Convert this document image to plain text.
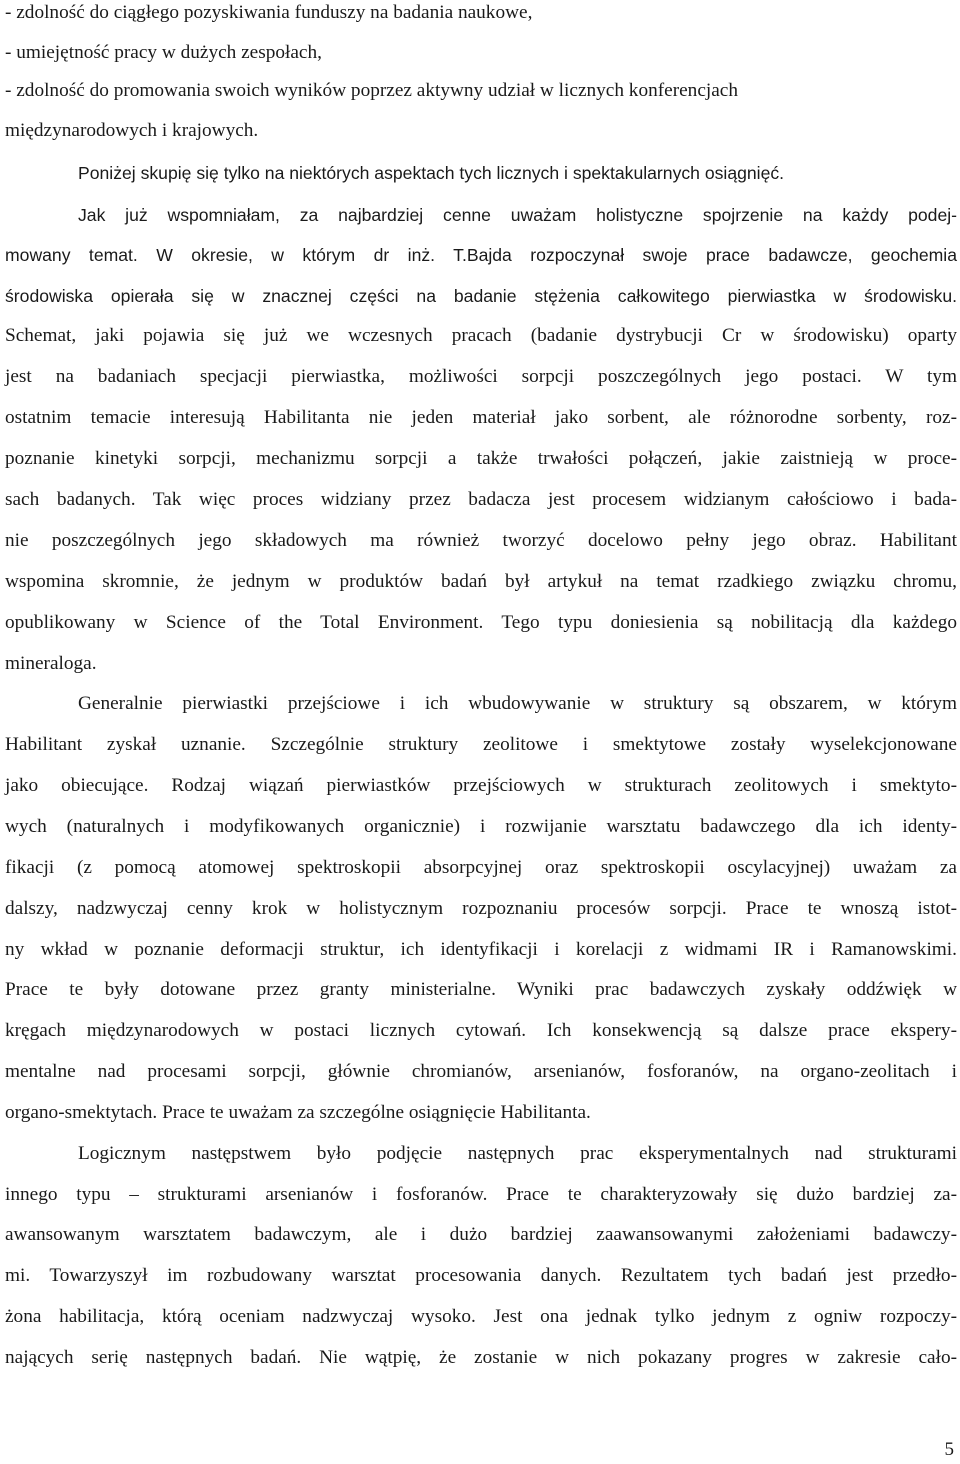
- zdolność do ciągłego pozyskiwania funduszy na badania naukowe,

- umiejętność pracy w dużych zespołach,

- zdolność do promowania swoich wyników poprzez aktywny udział w licznych konferencjach

międzynarodowych i krajowych.

Poniżej skupię się tylko na niektórych aspektach tych licznych i spektakularnych osiągnięć.

Jak już wspomniałam, za najbardziej cenne uważam holistyczne spojrzenie na każdy podej-

mowany temat. W okresie, w którym dr inż. T.Bajda rozpoczynał swoje prace badawcze, geochemia

środowiska opierała się w znacznej części na badanie stężenia całkowitego pierwiastka w środowisku.

Schemat, jaki pojawia się już we wczesnych pracach (badanie dystrybucji Cr w środowisku) oparty

jest na badaniach specjacji pierwiastka, możliwości sorpcji poszczególnych jego postaci. W tym

ostatnim temacie interesują Habilitanta nie jeden materiał jako sorbent, ale różnorodne sorbenty, roz-

poznanie kinetyki sorpcji, mechanizmu sorpcji a także trwałości połączeń, jakie zaistnieją w proce-

sach badanych. Tak więc proces widziany przez badacza jest procesem widzianym całościowo i bada-

nie poszczególnych jego składowych ma również tworzyć docelowo pełny jego obraz. Habilitant

wspomina skromnie, że jednym w produktów badań był artykuł na temat rzadkiego związku chromu,

opublikowany w Science of the Total Environment. Tego typu doniesienia są nobilitacją dla każdego

mineraloga.

Generalnie pierwiastki przejściowe i ich wbudowywanie w struktury są obszarem, w którym

Habilitant zyskał uznanie. Szczególnie struktury zeolitowe i smektytowe zostały wyselekcjonowane

jako obiecujące. Rodzaj wiązań pierwiastków przejściowych w strukturach zeolitowych i smektyto-

wych (naturalnych i modyfikowanych organicznie) i rozwijanie warsztatu badawczego dla ich identy-

fikacji (z pomocą atomowej spektroskopii absorpcyjnej oraz spektroskopii oscylacyjnej) uważam za

dalszy, nadzwyczaj cenny krok w holistycznym rozpoznaniu procesów sorpcji. Prace te wnoszą istot-

ny wkład w poznanie deformacji struktur, ich identyfikacji i korelacji z widmami IR i Ramanowskimi.

Prace te były dotowane przez granty ministerialne. Wyniki prac badawczych zyskały oddźwięk w

kręgach międzynarodowych w postaci licznych cytowań. Ich konsekwencją są dalsze prace ekspery-

mentalne nad procesami sorpcji, głównie chromianów, arsenianów, fosforanów, na organo-zeolitach i

organo-smektytach. Prace te uważam za szczególne osiągnięcie Habilitanta.

Logicznym następstwem było podjęcie następnych prac eksperymentalnych nad strukturami

innego typu – strukturami arsenianów i fosforanów. Prace te charakteryzowały się dużo bardziej za-

awansowanym warsztatem badawczym, ale i dużo bardziej zaawansowanymi założeniami badawczy-

mi. Towarzyszył im rozbudowany warsztat procesowania danych. Rezultatem tych badań jest przedło-

żona habilitacja, którą oceniam nadzwyczaj wysoko. Jest ona jednak tylko jednym z ogniw rozpoczy-

nających serię następnych badań. Nie wątpię, że zostanie w nich pokazany progres w zakresie cało-

5
